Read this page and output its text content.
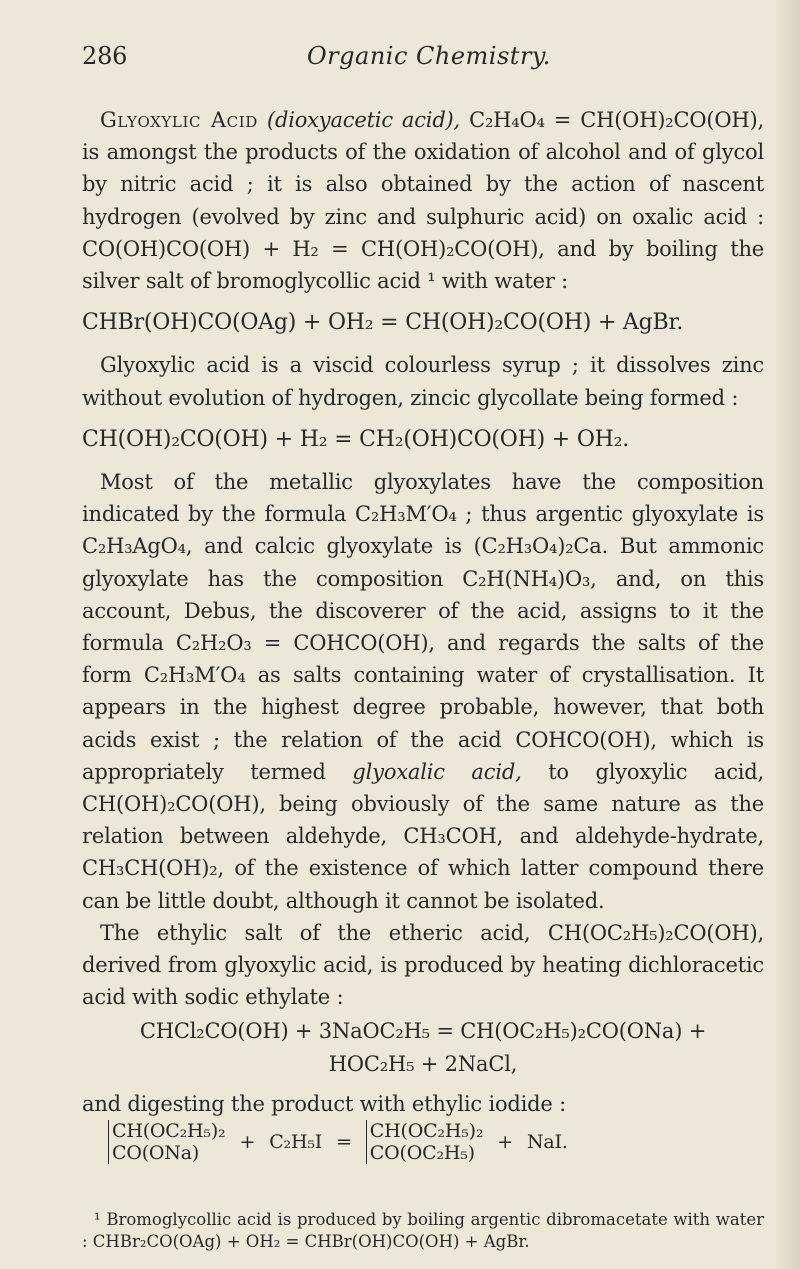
286	Organic Chemistry.

Glyoxylic Acid (dioxyacetic acid), C₂H₄O₄ = CH(OH)₂CO(OH), is amongst the products of the oxidation of alcohol and of glycol by nitric acid ; it is also obtained by the action of nascent hydrogen (evolved by zinc and sulphuric acid) on oxalic acid : CO(OH)CO(OH) + H₂ = CH(OH)₂CO(OH), and by boiling the silver salt of bromoglycollic acid ¹ with water :

CHBr(OH)CO(OAg) + OH₂ = CH(OH)₂CO(OH) + AgBr.

Glyoxylic acid is a viscid colourless syrup ; it dissolves zinc without evolution of hydrogen, zincic glycollate being formed :

CH(OH)₂CO(OH) + H₂ = CH₂(OH)CO(OH) + OH₂.

Most of the metallic glyoxylates have the composition indicated by the formula C₂H₃M′O₄ ; thus argentic glyoxylate is C₂H₃AgO₄, and calcic glyoxylate is (C₂H₃O₄)₂Ca. But ammonic glyoxylate has the composition C₂H(NH₄)O₃, and, on this account, Debus, the discoverer of the acid, assigns to it the formula C₂H₂O₃ = COHCO(OH), and regards the salts of the form C₂H₃M′O₄ as salts containing water of crystallisation. It appears in the highest degree probable, however, that both acids exist ; the relation of the acid COHCO(OH), which is appropriately termed glyoxalic acid, to glyoxylic acid, CH(OH)₂CO(OH), being obviously of the same nature as the relation between aldehyde, CH₃COH, and aldehyde-hydrate, CH₃CH(OH)₂, of the existence of which latter compound there can be little doubt, although it cannot be isolated.

The ethylic salt of the etheric acid, CH(OC₂H₅)₂CO(OH), derived from glyoxylic acid, is produced by heating dichloracetic acid with sodic ethylate :

CHCl₂CO(OH) + 3NaOC₂H₅ = CH(OC₂H₅)₂CO(ONa) +
HOC₂H₅ + 2NaCl,

and digesting the product with ethylic iodide :

CH(OC₂H₅)₂
CO(ONa)	+ C₂H₅I = CH(OC₂H₅)₂
CO(OC₂H₅)	+ NaI.
¹ Bromoglycollic acid is produced by boiling argentic dibromacetate with water : CHBr₂CO(OAg) + OH₂ = CHBr(OH)CO(OH) + AgBr.
